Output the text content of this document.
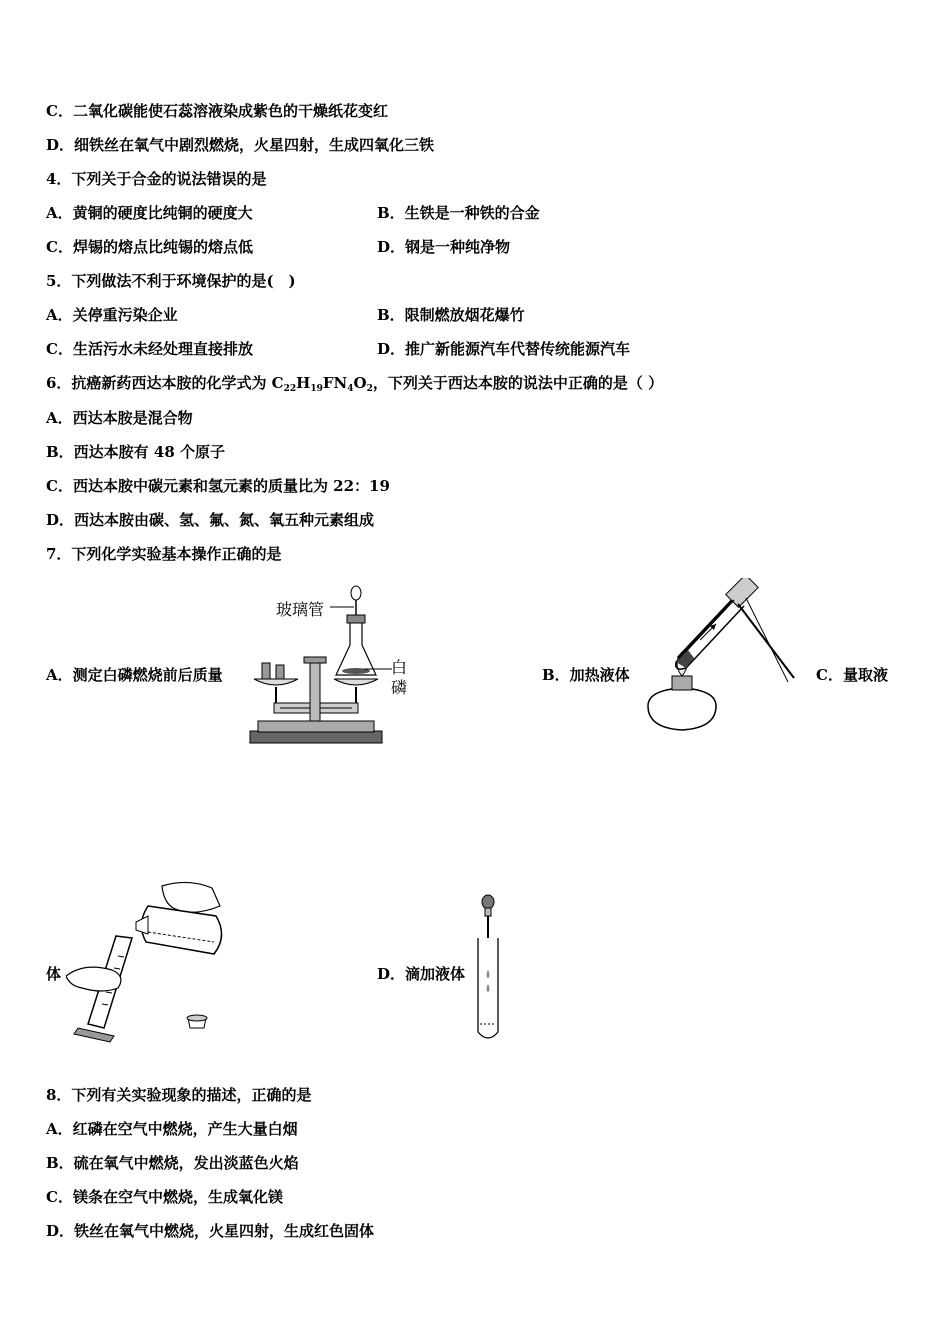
C．二氧化碳能使石蕊溶液染成紫色的干燥纸花变红
D．细铁丝在氧气中剧烈燃烧，火星四射，生成四氧化三铁
4．下列关于合金的说法错误的是
A．黄铜的硬度比纯铜的硬度大	B．生铁是一种铁的合金
C．焊锡的熔点比纯锡的熔点低	D．钢是一种纯净物
5．下列做法不利于环境保护的是(　)
A．关停重污染企业	B．限制燃放烟花爆竹
C．生活污水未经处理直接排放	D．推广新能源汽车代替传统能源汽车
6．抗癌新药西达本胺的化学式为 $C_{22}H_{19}FN_4O_2$，下列关于西达本胺的说法中正确的是（ ）
A．西达本胺是混合物
B．西达本胺有 48 个原子
C．西达本胺中碳元素和氢元素的质量比为 22：19
D．西达本胺由碳、氢、氟、氮、氧五种元素组成
7．下列化学实验基本操作正确的是
A．测定白磷燃烧前后质量
玻璃管
白
磷
B．加热液体	C．量取液
体	D．滴加液体
8．下列有关实验现象的描述，正确的是
A．红磷在空气中燃烧，产生大量白烟
B．硫在氧气中燃烧，发出淡蓝色火焰
C．镁条在空气中燃烧，生成氧化镁
D．铁丝在氧气中燃烧，火星四射，生成红色固体
